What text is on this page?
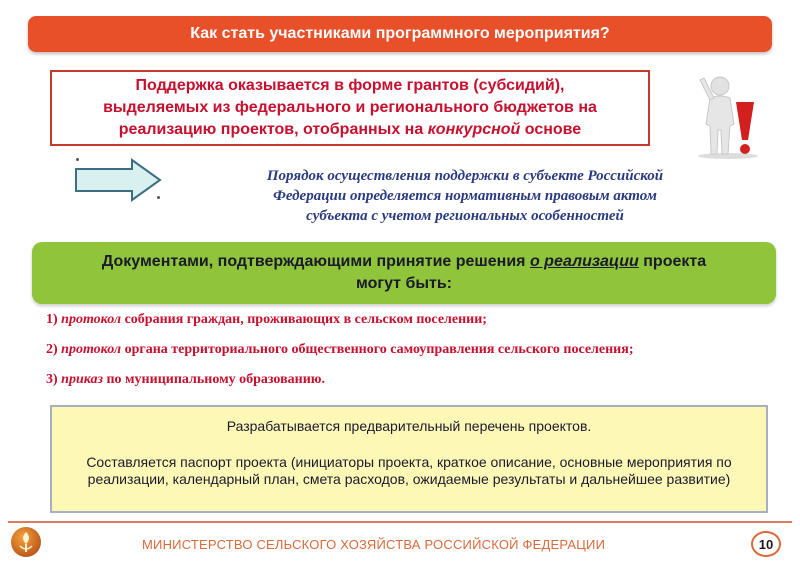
Как стать участниками программного мероприятия?
Поддержка оказывается в форме грантов (субсидий),
выделяемых из федерального и регионального бюджетов на
реализацию проектов, отобранных на конкурсной основе
Порядок осуществления поддержки в субъекте Российской
Федерации определяется нормативным правовым актом
субъекта с учетом региональных особенностей
Документами, подтверждающими принятие решения о реализации проекта
могут быть:
1) протокол собрания граждан, проживающих в сельском поселении;
2) протокол органа территориального общественного самоуправления сельского поселения;
3) приказ по муниципальному образованию.
Разрабатывается предварительный перечень проектов.
Составляется паспорт проекта (инициаторы проекта, краткое описание, основные мероприятия по реализации, календарный план, смета расходов, ожидаемые результаты и дальнейшее развитие)
МИНИСТЕРСТВО СЕЛЬСКОГО ХОЗЯЙСТВА РОССИЙСКОЙ ФЕДЕРАЦИИ	10
